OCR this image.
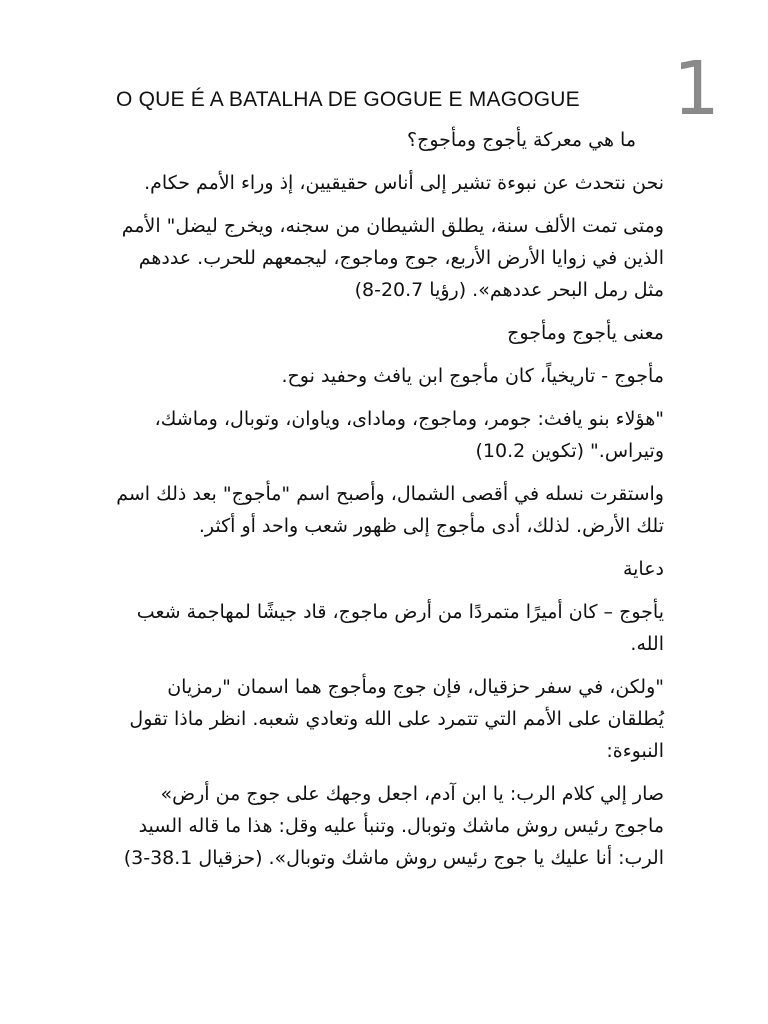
1
O QUE É A BATALHA DE GOGUE E MAGOGUE

ما هي معركة يأجوج ومأجوج؟

نحن نتحدث عن نبوءة تشير إلى أناس حقيقيين، إذ وراء الأمم حكام.

ومتى تمت الألف سنة، يطلق الشيطان من سجنه، ويخرج ليضل" الأمم الذين في زوايا الأرض الأربع، جوج وماجوج، ليجمعهم للحرب. عددهم مثل رمل البحر عددهم». (رؤيا 20.7-8)

معنى يأجوج ومأجوج

مأجوج - تاريخياً، كان مأجوج ابن يافث وحفيد نوح.

"هؤلاء بنو يافث: جومر، وماجوج، ومادای، وياوان، وتوبال، وماشك، وتيراس." (تكوين 10.2)

واستقرت نسله في أقصى الشمال، وأصبح اسم "مأجوج" بعد ذلك اسم تلك الأرض. لذلك، أدى مأجوج إلى ظهور شعب واحد أو أكثر.

دعاية

يأجوج – كان أميرًا متمردًا من أرض ماجوج، قاد جيشًا لمهاجمة شعب الله.

"ولكن، في سفر حزقيال، فإن جوج ومأجوج هما اسمان "رمزيان يُطلقان على الأمم التي تتمرد على الله وتعادي شعبه. انظر ماذا تقول النبوءة:

صار إلي كلام الرب: يا ابن آدم، اجعل وجهك على جوج من أرض» ماجوج رئيس روش ماشك وتوبال. وتنبأ عليه وقل: هذا ما قاله السيد الرب: أنا عليك يا جوج رئيس روش ماشك وتوبال». (حزقيال 38.1-3)
